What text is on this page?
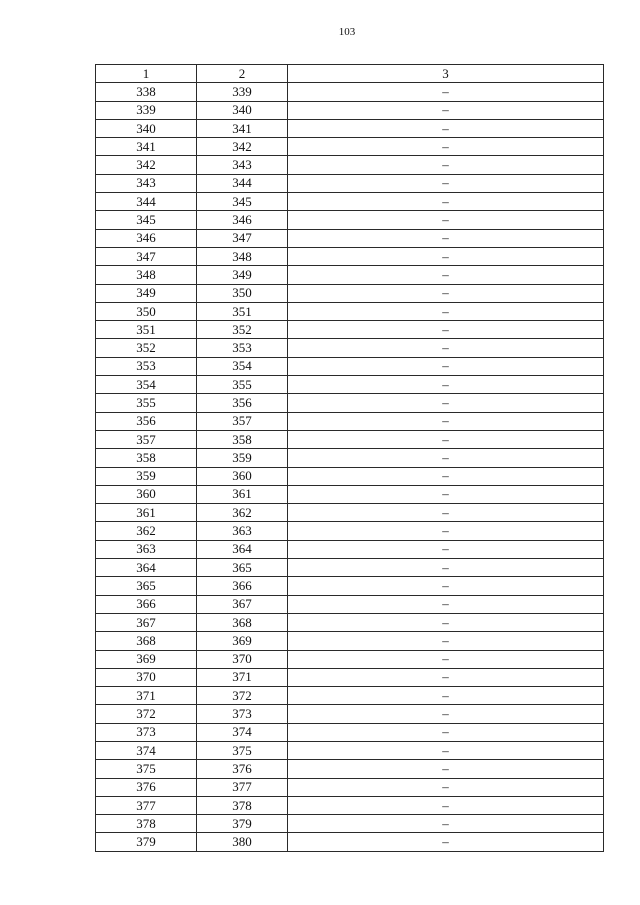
103
1	2	3
338	339	–
339	340	–
340	341	–
341	342	–
342	343	–
343	344	–
344	345	–
345	346	–
346	347	–
347	348	–
348	349	–
349	350	–
350	351	–
351	352	–
352	353	–
353	354	–
354	355	–
355	356	–
356	357	–
357	358	–
358	359	–
359	360	–
360	361	–
361	362	–
362	363	–
363	364	–
364	365	–
365	366	–
366	367	–
367	368	–
368	369	–
369	370	–
370	371	–
371	372	–
372	373	–
373	374	–
374	375	–
375	376	–
376	377	–
377	378	–
378	379	–
379	380	–
